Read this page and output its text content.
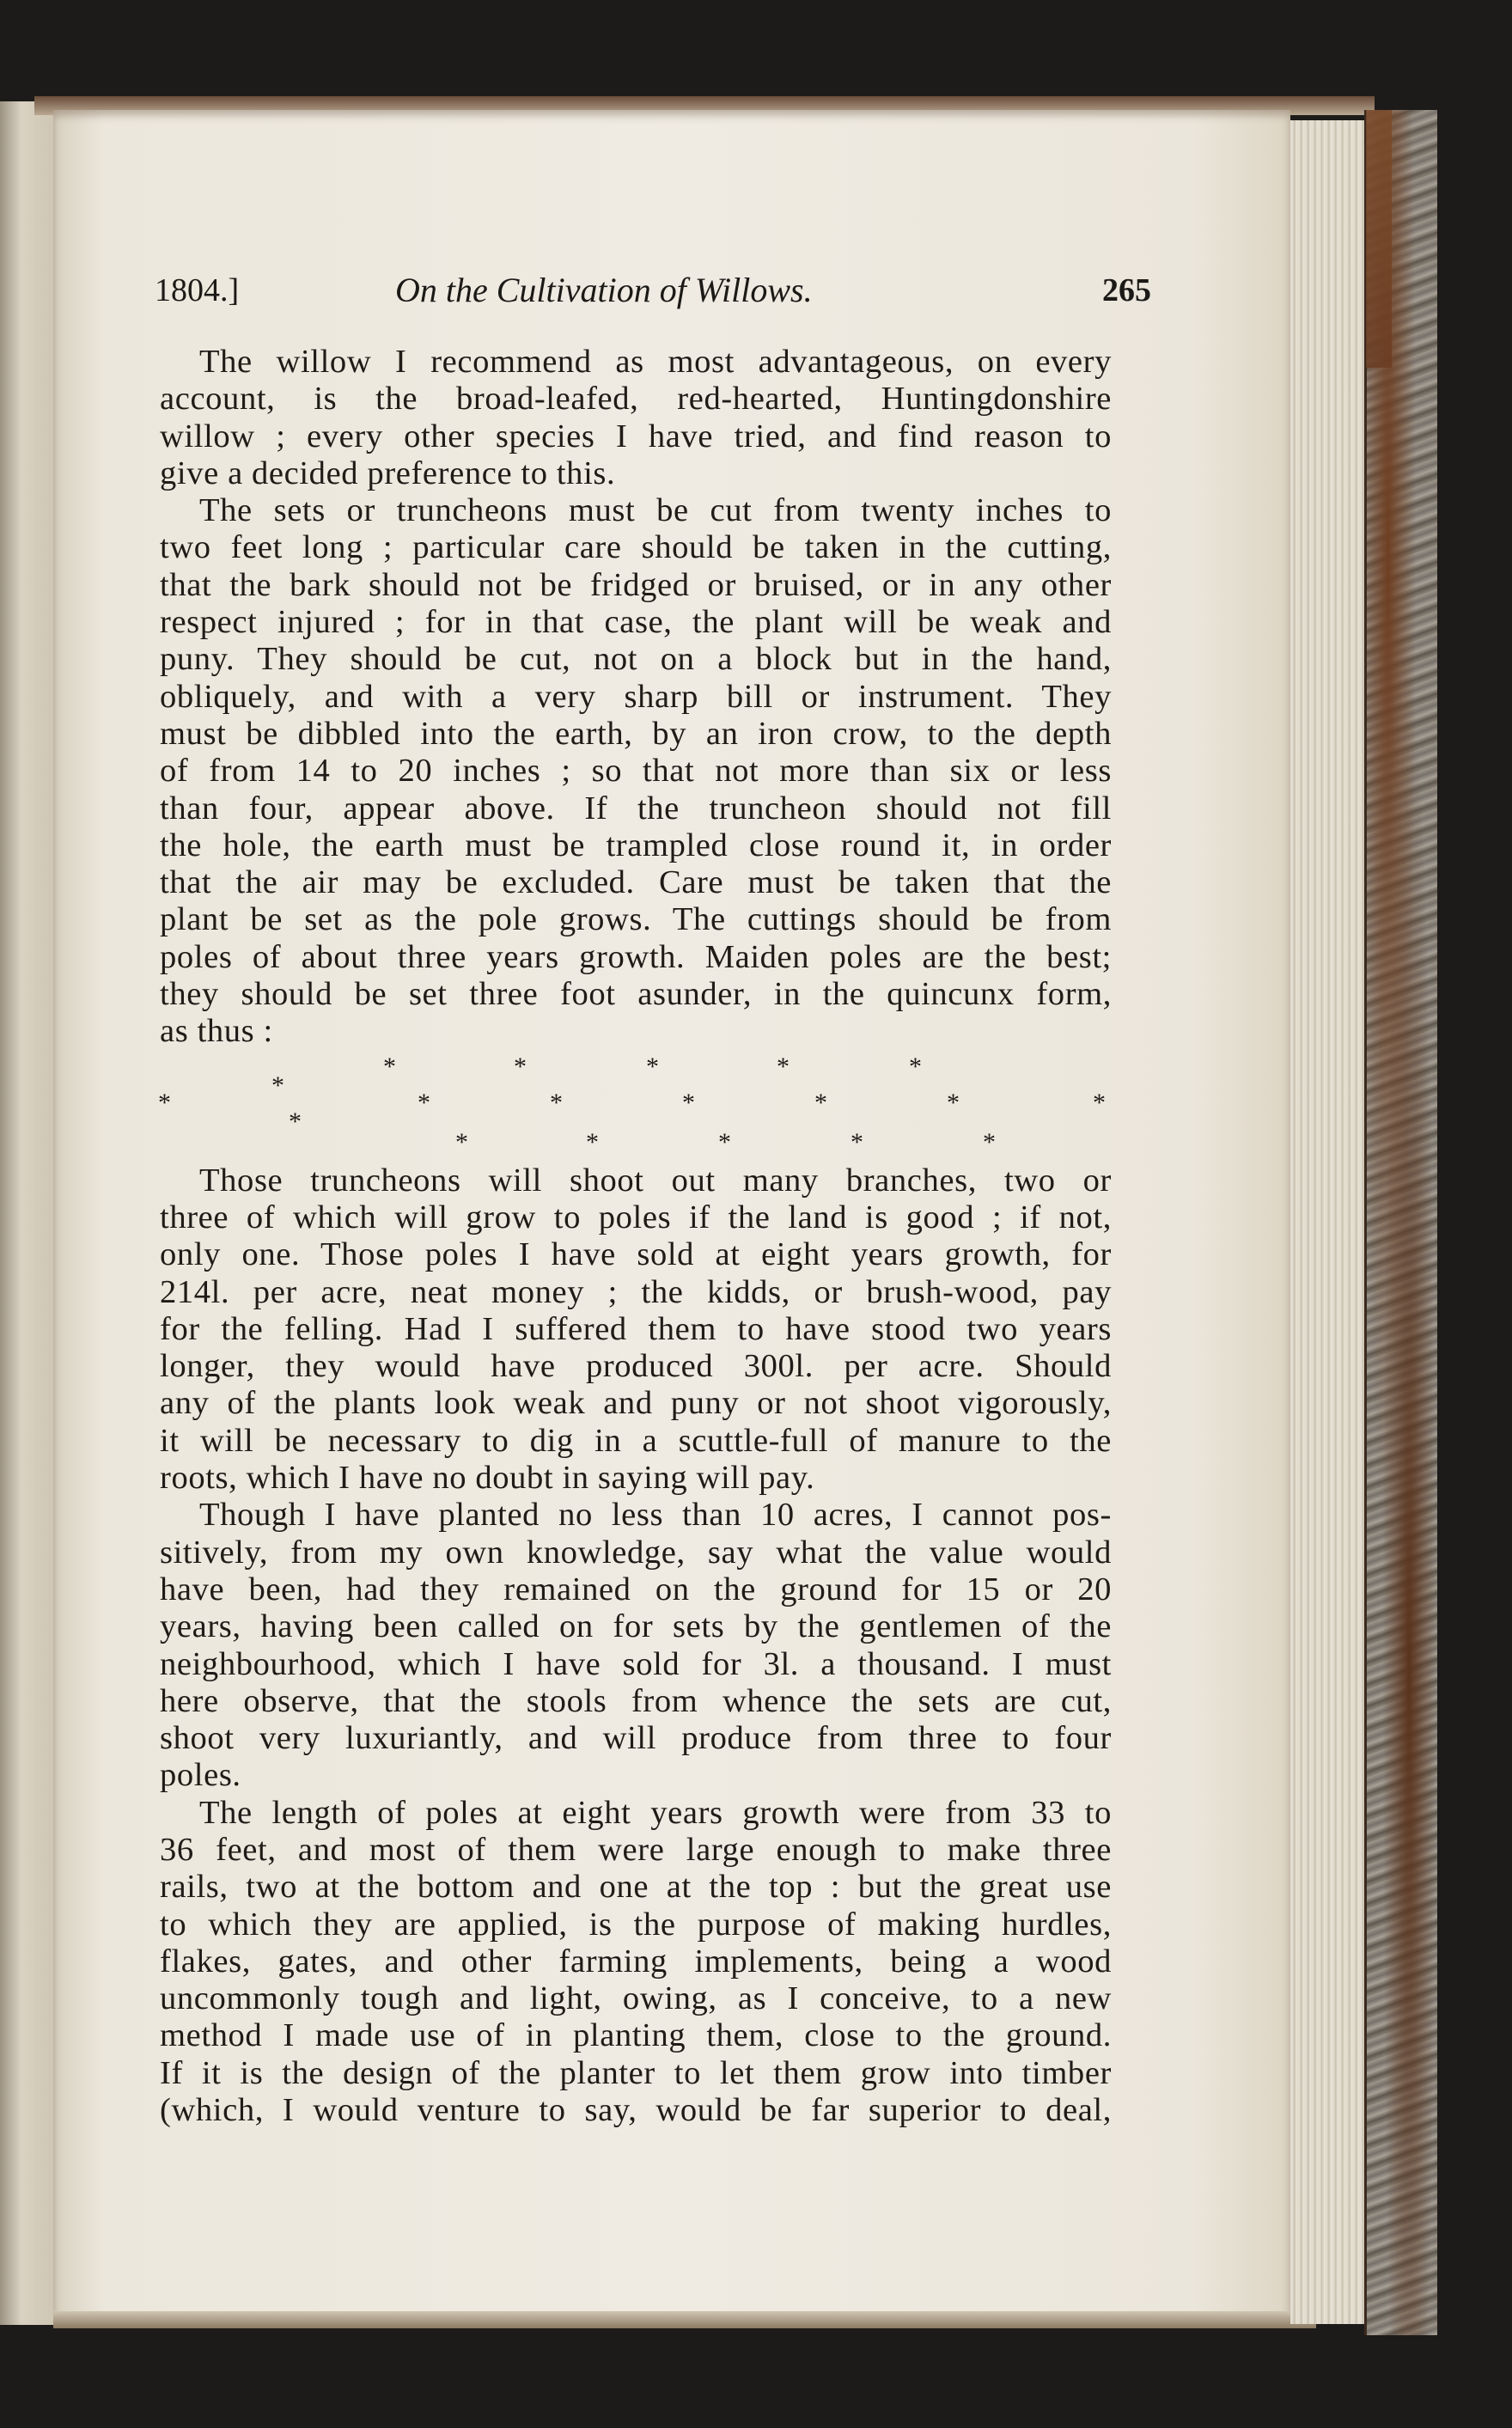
1804.]	On the Cultivation of Willows.	265

The willow I recommend as most advantageous, on every
account, is the broad-leafed, red-hearted, Huntingdonshire
willow ; every other species I have tried, and find reason to
give a decided preference to this.

The sets or truncheons must be cut from twenty inches to
two feet long ; particular care should be taken in the cutting,
that the bark should not be fridged or bruised, or in any other
respect injured ; for in that case, the plant will be weak and
puny. They should be cut, not on a block but in the hand,
obliquely, and with a very sharp bill or instrument. They
must be dibbled into the earth, by an iron crow, to the depth
of from 14 to 20 inches ; so that not more than six or less
than four, appear above. If the truncheon should not fill
the hole, the earth must be trampled close round it, in order
that the air may be excluded. Care must be taken that the
plant be set as the pole grows. The cuttings should be from
poles of about three years growth. Maiden poles are the best;
they should be set three foot asunder, in the quincunx form,
as thus :

*	*	*	*	*
*
*	*	*	*	*	*	*
*
*	*	*	*	*

Those truncheons will shoot out many branches, two or
three of which will grow to poles if the land is good ; if not,
only one. Those poles I have sold at eight years growth, for
214l. per acre, neat money ; the kidds, or brush-wood, pay
for the felling. Had I suffered them to have stood two years
longer, they would have produced 300l. per acre. Should
any of the plants look weak and puny or not shoot vigorously,
it will be necessary to dig in a scuttle-full of manure to the
roots, which I have no doubt in saying will pay.

Though I have planted no less than 10 acres, I cannot pos-
sitively, from my own knowledge, say what the value would
have been, had they remained on the ground for 15 or 20
years, having been called on for sets by the gentlemen of the
neighbourhood, which I have sold for 3l. a thousand. I must
here observe, that the stools from whence the sets are cut,
shoot very luxuriantly, and will produce from three to four
poles.

The length of poles at eight years growth were from 33 to
36 feet, and most of them were large enough to make three
rails, two at the bottom and one at the top : but the great use
to which they are applied, is the purpose of making hurdles,
flakes, gates, and other farming implements, being a wood
uncommonly tough and light, owing, as I conceive, to a new
method I made use of in planting them, close to the ground.
If it is the design of the planter to let them grow into timber
(which, I would venture to say, would be far superior to deal,
